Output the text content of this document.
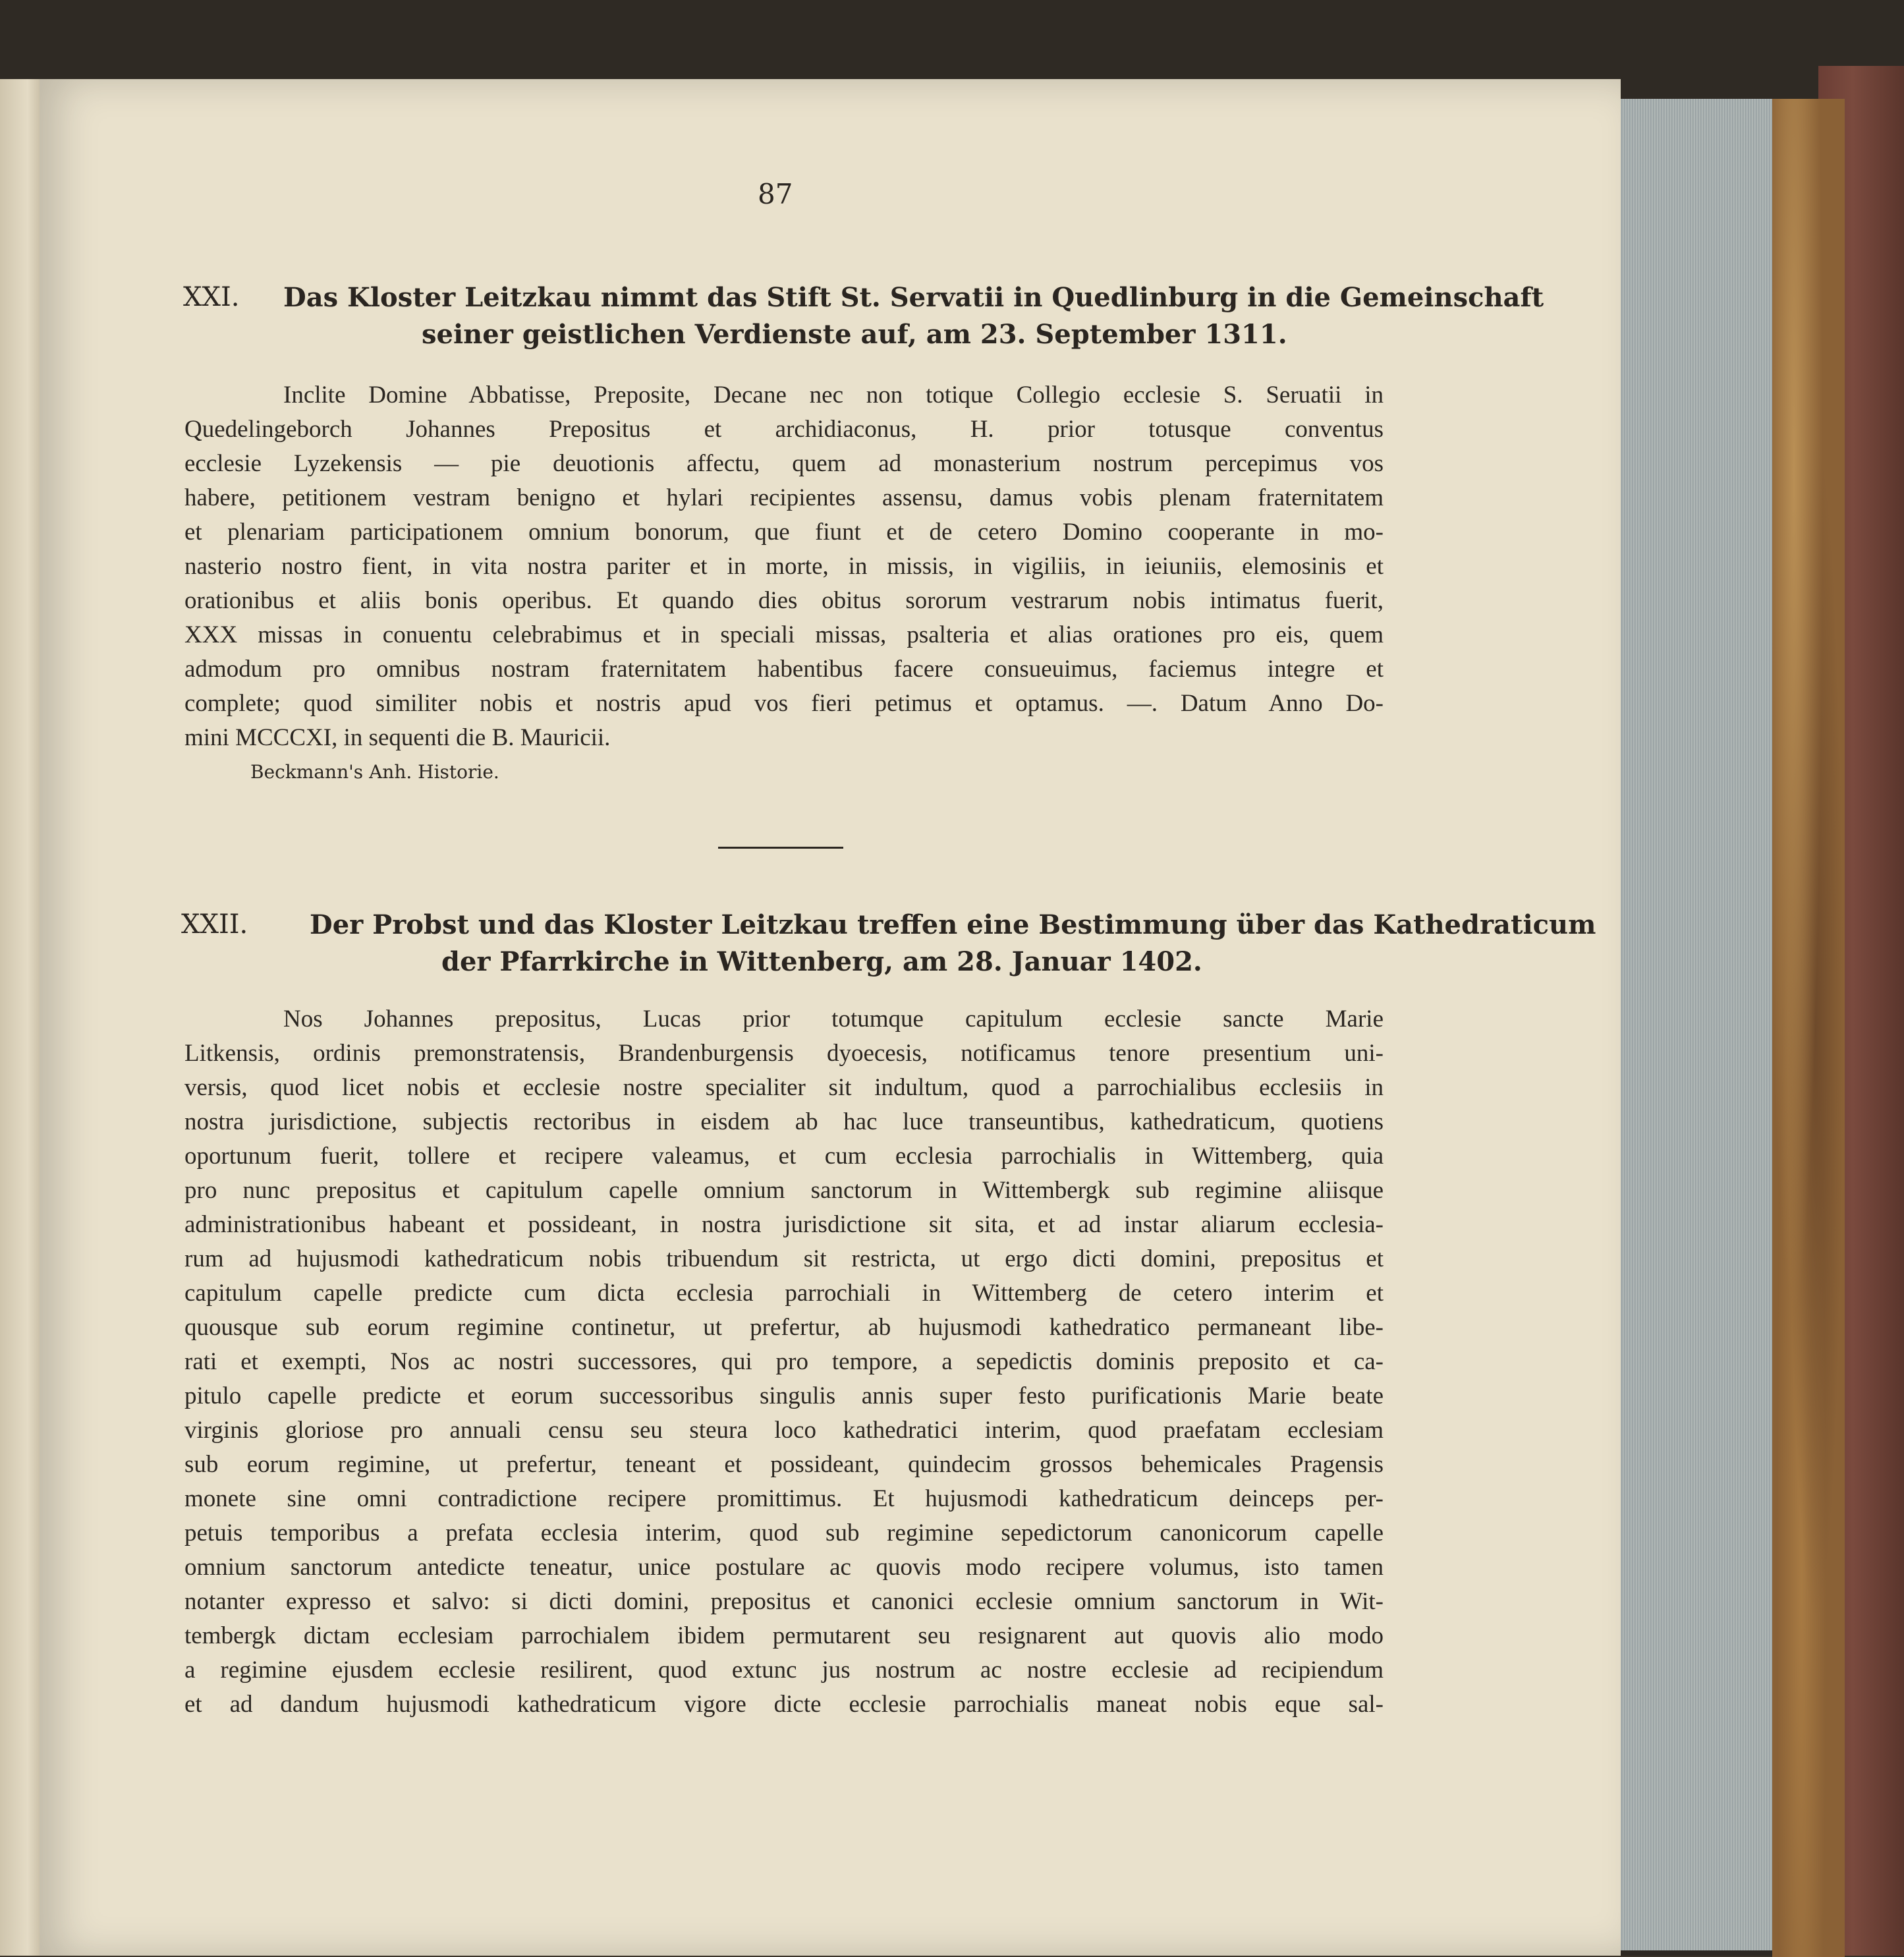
87
XXI. Das Kloster Leitzkau nimmt das Stift St. Servatii in Quedlinburg in die Gemeinschaft
seiner geistlichen Verdienste auf, am 23. September 1311.
Inclite Domine Abbatisse, Preposite, Decane nec non totique Collegio ecclesie S. Seruatii in
Quedelingeborch Johannes Prepositus et archidiaconus, H. prior totusque conventus
ecclesie Lyzekensis — pie deuotionis affectu, quem ad monasterium nostrum percepimus vos
habere, petitionem vestram benigno et hylari recipientes assensu, damus vobis plenam fraternitatem
et plenariam participationem omnium bonorum, que fiunt et de cetero Domino cooperante in mo-
nasterio nostro fient, in vita nostra pariter et in morte, in missis, in vigiliis, in ieiuniis, elemosinis et
orationibus et aliis bonis operibus. Et quando dies obitus sororum vestrarum nobis intimatus fuerit,
XXX missas in conuentu celebrabimus et in speciali missas, psalteria et alias orationes pro eis, quem
admodum pro omnibus nostram fraternitatem habentibus facere consueuimus, faciemus integre et
complete; quod similiter nobis et nostris apud vos fieri petimus et optamus. —. Datum Anno Do-
mini MCCCXI, in sequenti die B. Mauricii.
Beckmann's Anh. Historie.
XXII. Der Probst und das Kloster Leitzkau treffen eine Bestimmung über das Kathedraticum
der Pfarrkirche in Wittenberg, am 28. Januar 1402.
Nos Johannes prepositus, Lucas prior totumque capitulum ecclesie sancte Marie
Litkensis, ordinis premonstratensis, Brandenburgensis dyoecesis, notificamus tenore presentium uni-
versis, quod licet nobis et ecclesie nostre specialiter sit indultum, quod a parrochialibus ecclesiis in
nostra jurisdictione, subjectis rectoribus in eisdem ab hac luce transeuntibus, kathedraticum, quotiens
oportunum fuerit, tollere et recipere valeamus, et cum ecclesia parrochialis in Wittemberg, quia
pro nunc prepositus et capitulum capelle omnium sanctorum in Wittembergk sub regimine aliisque
administrationibus habeant et possideant, in nostra jurisdictione sit sita, et ad instar aliarum ecclesia-
rum ad hujusmodi kathedraticum nobis tribuendum sit restricta, ut ergo dicti domini, prepositus et
capitulum capelle predicte cum dicta ecclesia parrochiali in Wittemberg de cetero interim et
quousque sub eorum regimine continetur, ut prefertur, ab hujusmodi kathedratico permaneant libe-
rati et exempti, Nos ac nostri successores, qui pro tempore, a sepedictis dominis preposito et ca-
pitulo capelle predicte et eorum successoribus singulis annis super festo purificationis Marie beate
virginis gloriose pro annuali censu seu steura loco kathedratici interim, quod praefatam ecclesiam
sub eorum regimine, ut prefertur, teneant et possideant, quindecim grossos behemicales Pragensis
monete sine omni contradictione recipere promittimus. Et hujusmodi kathedraticum deinceps per-
petuis temporibus a prefata ecclesia interim, quod sub regimine sepedictorum canonicorum capelle
omnium sanctorum antedicte teneatur, unice postulare ac quovis modo recipere volumus, isto tamen
notanter expresso et salvo: si dicti domini, prepositus et canonici ecclesie omnium sanctorum in Wit-
tembergk dictam ecclesiam parrochialem ibidem permutarent seu resignarent aut quovis alio modo
a regimine ejusdem ecclesie resilirent, quod extunc jus nostrum ac nostre ecclesie ad recipiendum
et ad dandum hujusmodi kathedraticum vigore dicte ecclesie parrochialis maneat nobis eque sal-
